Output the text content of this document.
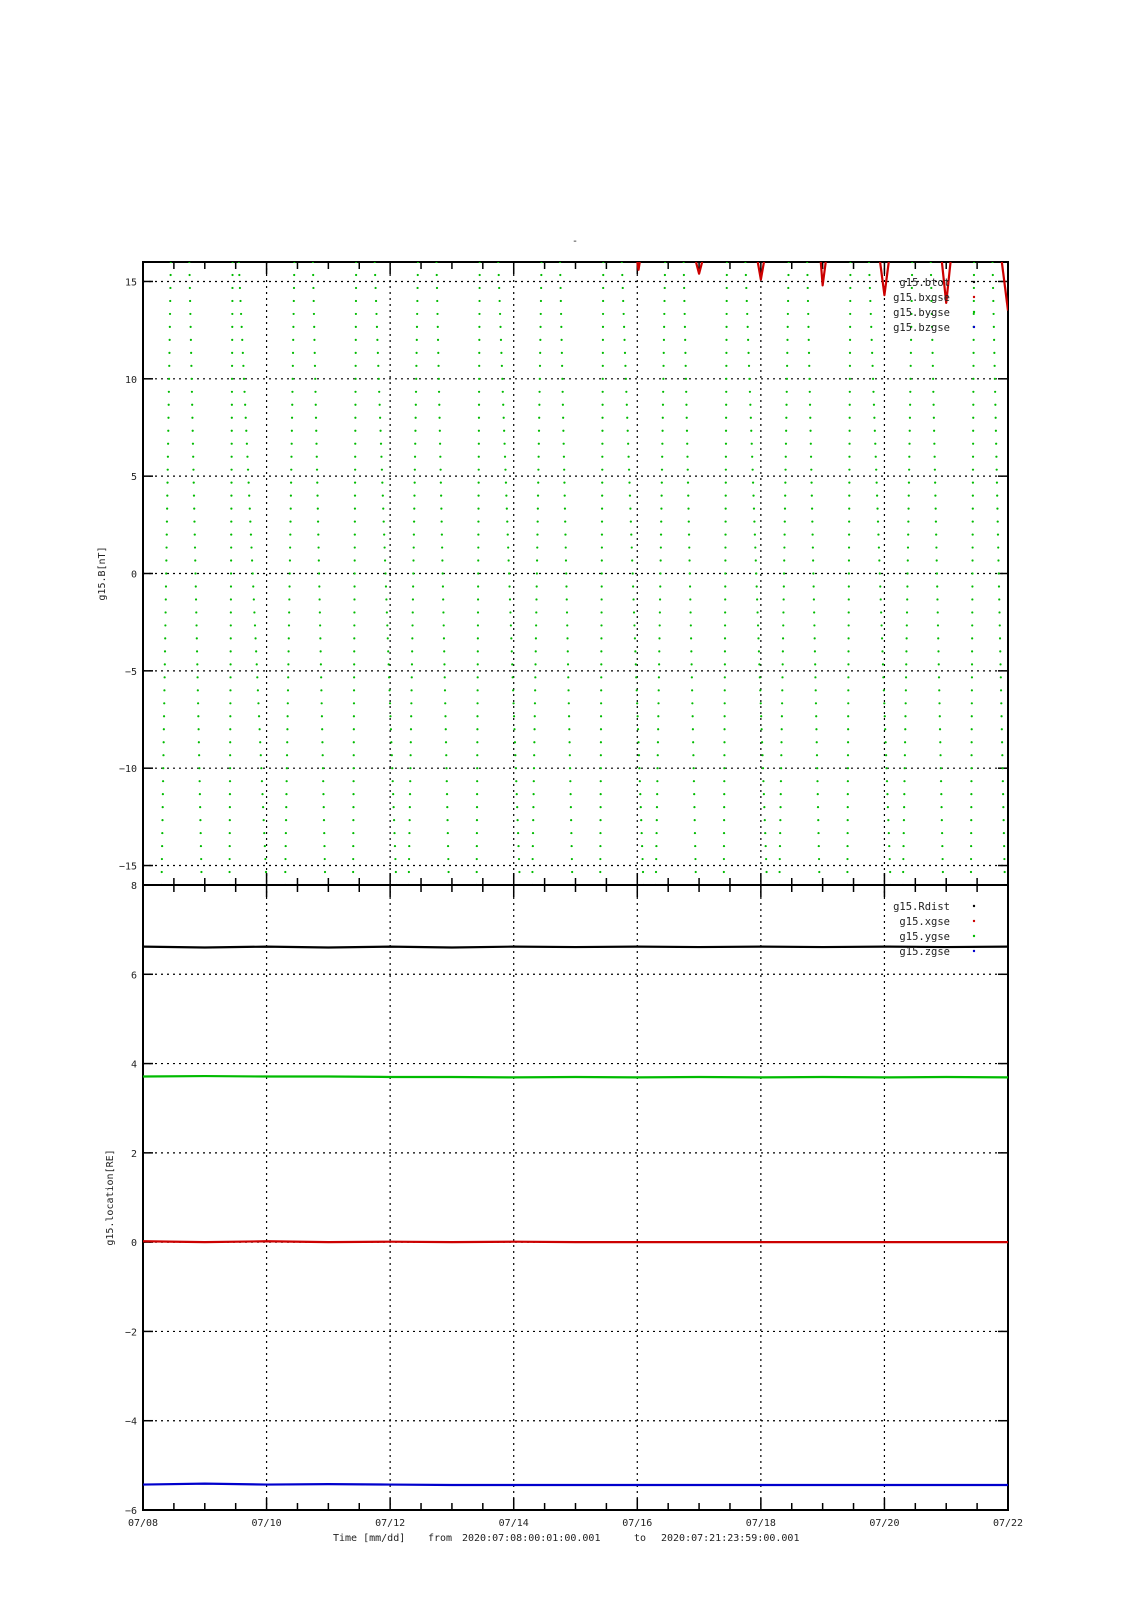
-
−15
−10
−5
0
5
10
15
g15.B[nT]
g15.btot
g15.bxgse
g15.bygse
g15.bzgse
−6
−4
−2
0
2
4
6
8
07/08	07/10	07/12	07/14	07/16	07/18	07/20	07/22
g15.location[RE]
g15.Rdist
g15.xgse
g15.ygse
g15.zgse
Time [mm/dd] from 2020:07:08:00:01:00.001	to 2020:07:21:23:59:00.001
